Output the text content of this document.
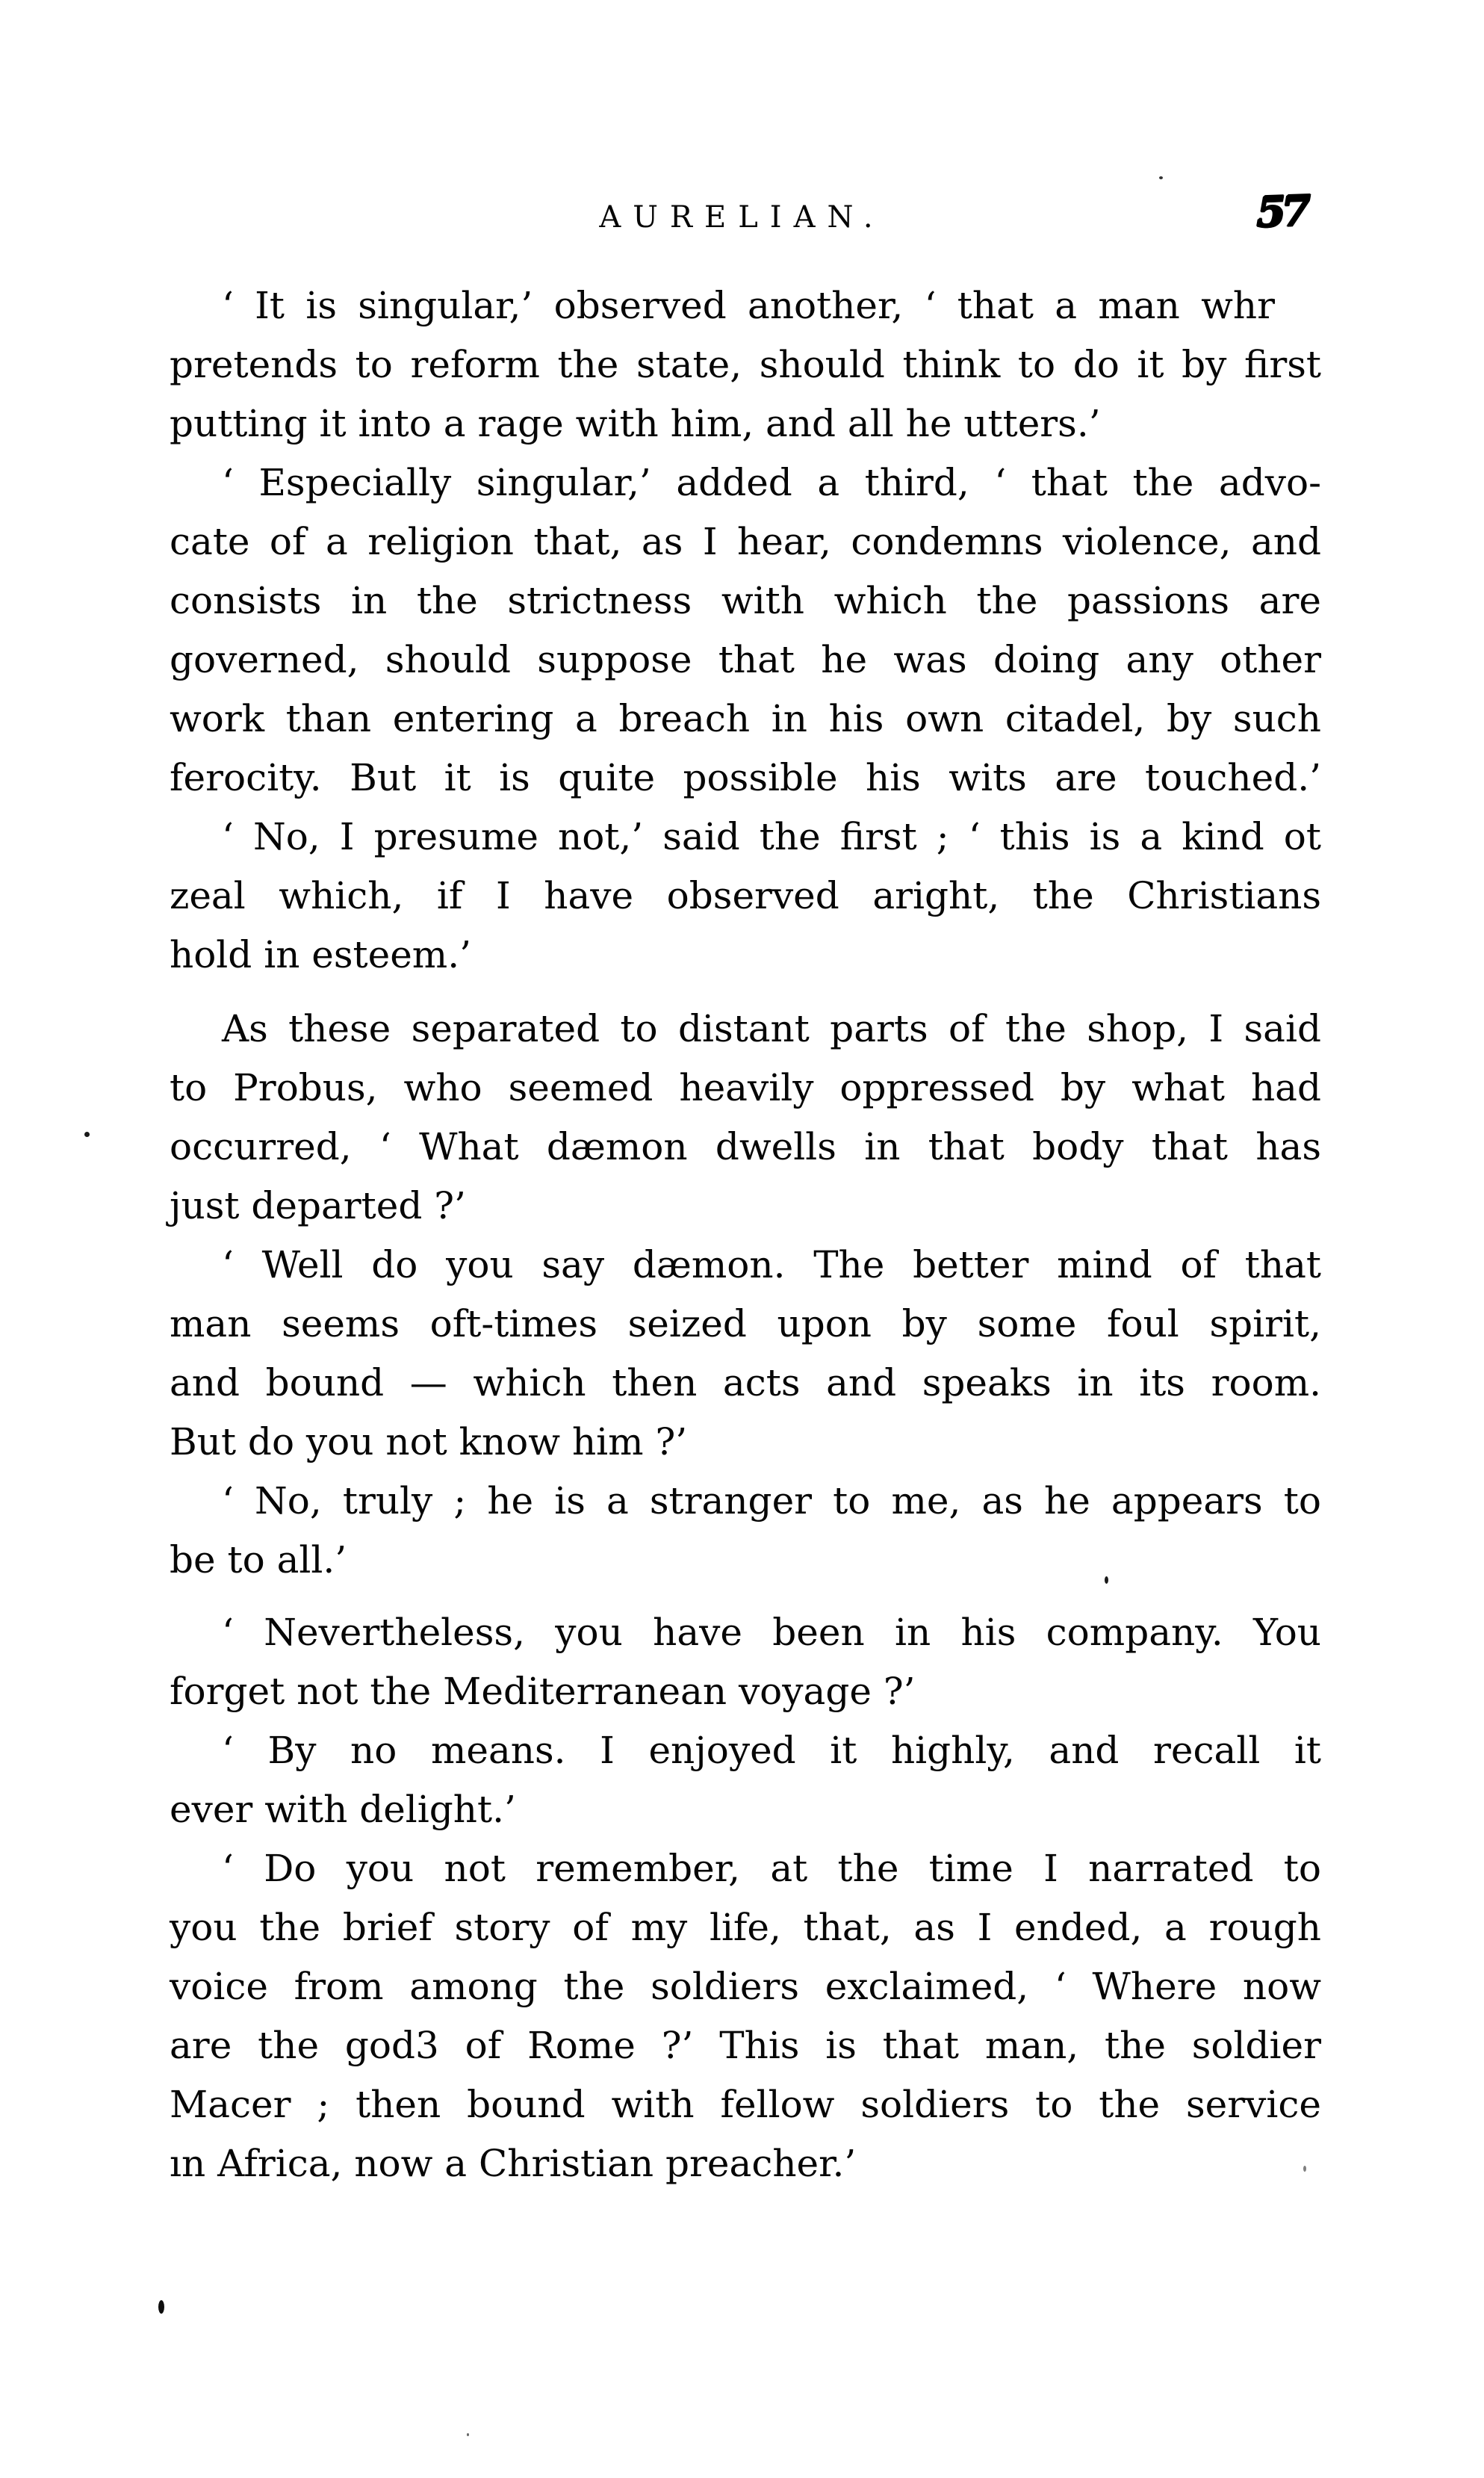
AURELIAN.	57
‘ It is singular,’ observed another, ‘ that a man whr
pretends to reform the state, should think to do it by first
putting it into a rage with him, and all he utters.’
‘ Especially singular,’ added a third, ‘ that the advo-
cate of a religion that, as I hear, condemns violence, and
consists in the strictness with which the passions are
governed, should suppose that he was doing any other
work than entering a breach in his own citadel, by such
ferocity. But it is quite possible his wits are touched.’
‘ No, I presume not,’ said the first ; ‘ this is a kind ot
zeal which, if I have observed aright, the Christians
hold in esteem.’
As these separated to distant parts of the shop, I said
to Probus, who seemed heavily oppressed by what had
occurred, ‘ What dæmon dwells in that body that has
just departed ?’
‘ Well do you say dæmon. The better mind of that
man seems oft-times seized upon by some foul spirit,
and bound — which then acts and speaks in its room.
But do you not know him ?’
‘ No, truly ; he is a stranger to me, as he appears to
be to all.’
‘ Nevertheless, you have been in his company. You
forget not the Mediterranean voyage ?’
‘ By no means. I enjoyed it highly, and recall it
ever with delight.’
‘ Do you not remember, at the time I narrated to
you the brief story of my life, that, as I ended, a rough
voice from among the soldiers exclaimed, ‘ Where now
are the god3 of Rome ?’ This is that man, the soldier
Macer ; then bound with fellow soldiers to the service
ın Africa, now a Christian preacher.’
